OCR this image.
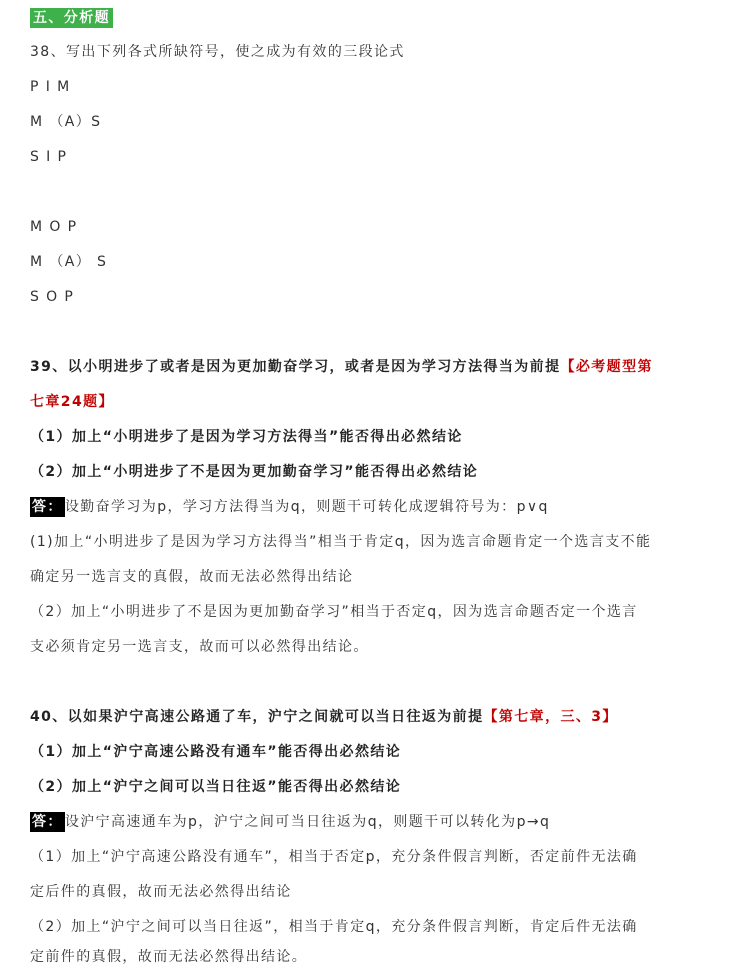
五、分析题
38、写出下列各式所缺符号，使之成为有效的三段论式
P I M
M （A）S
S I P
M O P
M （A） S
S O P
39、以小明进步了或者是因为更加勤奋学习，或者是因为学习方法得当为前提【必考题型第
七章24题】
（1）加上“小明进步了是因为学习方法得当”能否得出必然结论
（2）加上“小明进步了不是因为更加勤奋学习”能否得出必然结论
答： 设勤奋学习为p，学习方法得当为q，则题干可转化成逻辑符号为：p∨q
(1)加上“小明进步了是因为学习方法得当”相当于肯定q，因为选言命题肯定一个选言支不能
确定另一选言支的真假，故而无法必然得出结论
（2）加上“小明进步了不是因为更加勤奋学习”相当于否定q，因为选言命题否定一个选言
支必须肯定另一选言支，故而可以必然得出结论。
40、以如果沪宁高速公路通了车，沪宁之间就可以当日往返为前提【第七章，三、3】
（1）加上“沪宁高速公路没有通车”能否得出必然结论
（2）加上“沪宁之间可以当日往返”能否得出必然结论
答： 设沪宁高速通车为p，沪宁之间可当日往返为q，则题干可以转化为p→q
（1）加上“沪宁高速公路没有通车”，相当于否定p，充分条件假言判断，否定前件无法确
定后件的真假，故而无法必然得出结论
（2）加上“沪宁之间可以当日往返”，相当于肯定q，充分条件假言判断，肯定后件无法确
定前件的真假，故而无法必然得出结论。
